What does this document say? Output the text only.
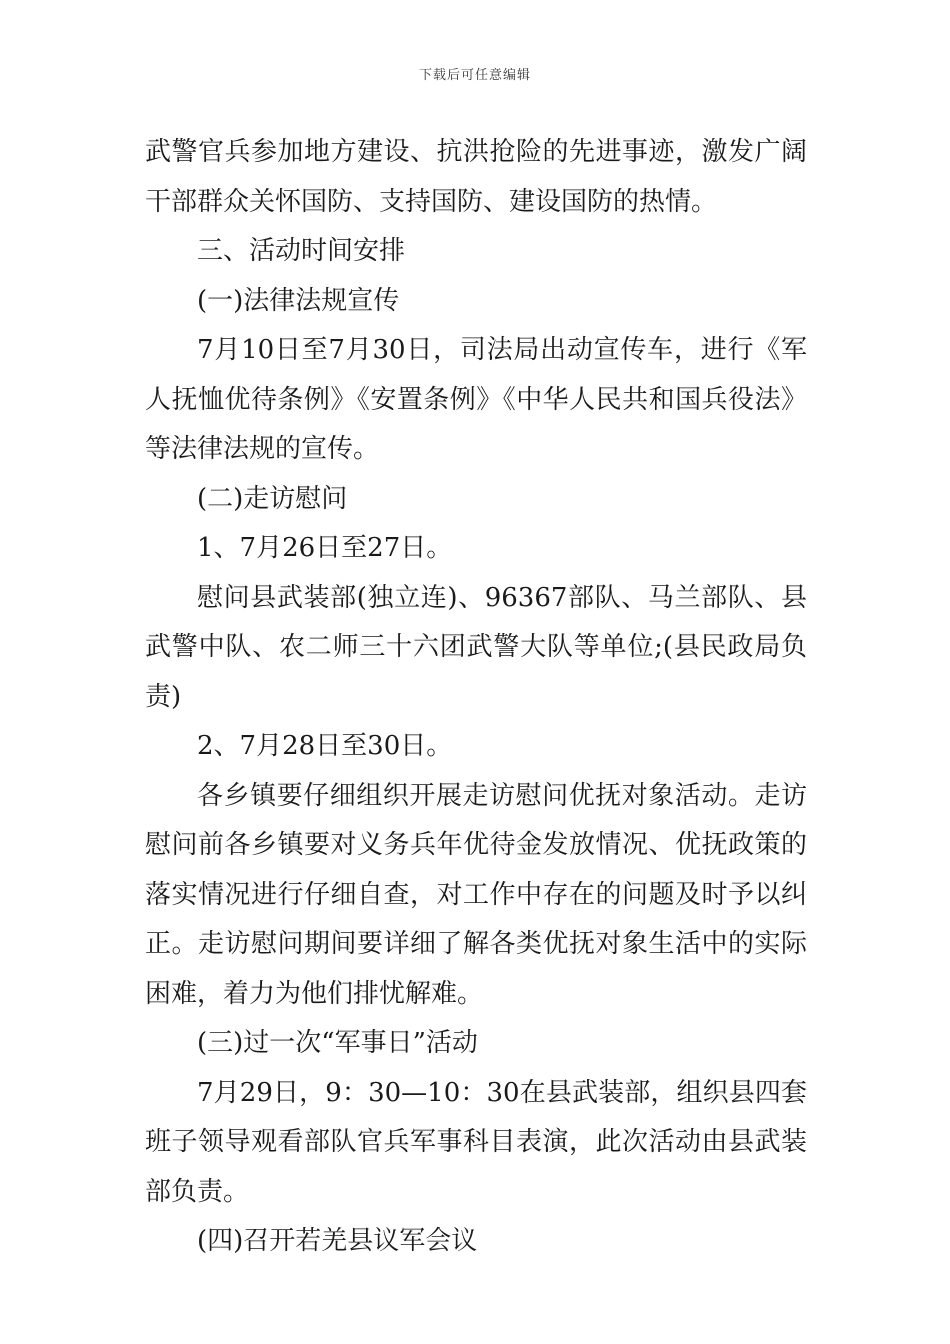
下载后可任意编辑

武警官兵参加地方建设、抗洪抢险的先进事迹，激发广阔干部群众关怀国防、支持国防、建设国防的热情。

三、活动时间安排

(一)法律法规宣传

7月10日至7月30日，司法局出动宣传车，进行《军人抚恤优待条例》《安置条例》《中华人民共和国兵役法》等法律法规的宣传。

(二)走访慰问

1、7月26日至27日。

慰问县武装部(独立连)、96367部队、马兰部队、县武警中队、农二师三十六团武警大队等单位;(县民政局负责)

2、7月28日至30日。

各乡镇要仔细组织开展走访慰问优抚对象活动。走访慰问前各乡镇要对义务兵年优待金发放情况、优抚政策的落实情况进行仔细自查，对工作中存在的问题及时予以纠正。走访慰问期间要详细了解各类优抚对象生活中的实际困难，着力为他们排忧解难。

(三)过一次“军事日”活动

7月29日，9：30—10：30在县武装部，组织县四套班子领导观看部队官兵军事科目表演，此次活动由县武装部负责。

(四)召开若羌县议军会议
